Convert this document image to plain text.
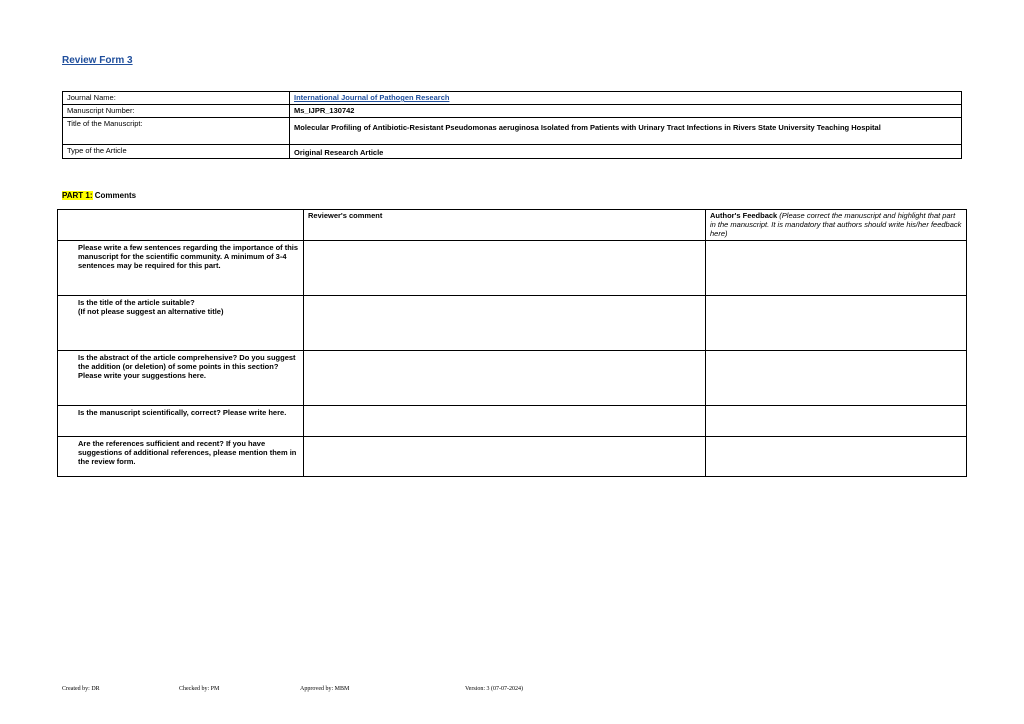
Review Form 3
Journal Name:	International Journal of Pathogen Research
Manuscript Number:	Ms_IJPR_130742
Title of the Manuscript:	Molecular Profiling of Antibiotic-Resistant Pseudomonas aeruginosa Isolated from Patients with Urinary Tract Infections in Rivers State University Teaching Hospital
Type of the Article	Original Research Article
PART 1: Comments
	Reviewer's comment	Author's Feedback (Please correct the manuscript and highlight that part in the manuscript. It is mandatory that authors should write his/her feedback here)
Please write a few sentences regarding the importance of this manuscript for the scientific community. A minimum of 3-4 sentences may be required for this part.		
Is the title of the article suitable?
(If not please suggest an alternative title)		
Is the abstract of the article comprehensive? Do you suggest the addition (or deletion) of some points in this section? Please write your suggestions here.		
Is the manuscript scientifically, correct? Please write here.		
Are the references sufficient and recent? If you have suggestions of additional references, please mention them in the review form.		
Created by: DR	Checked by: PM	Approved by: MBM	Version: 3 (07-07-2024)
